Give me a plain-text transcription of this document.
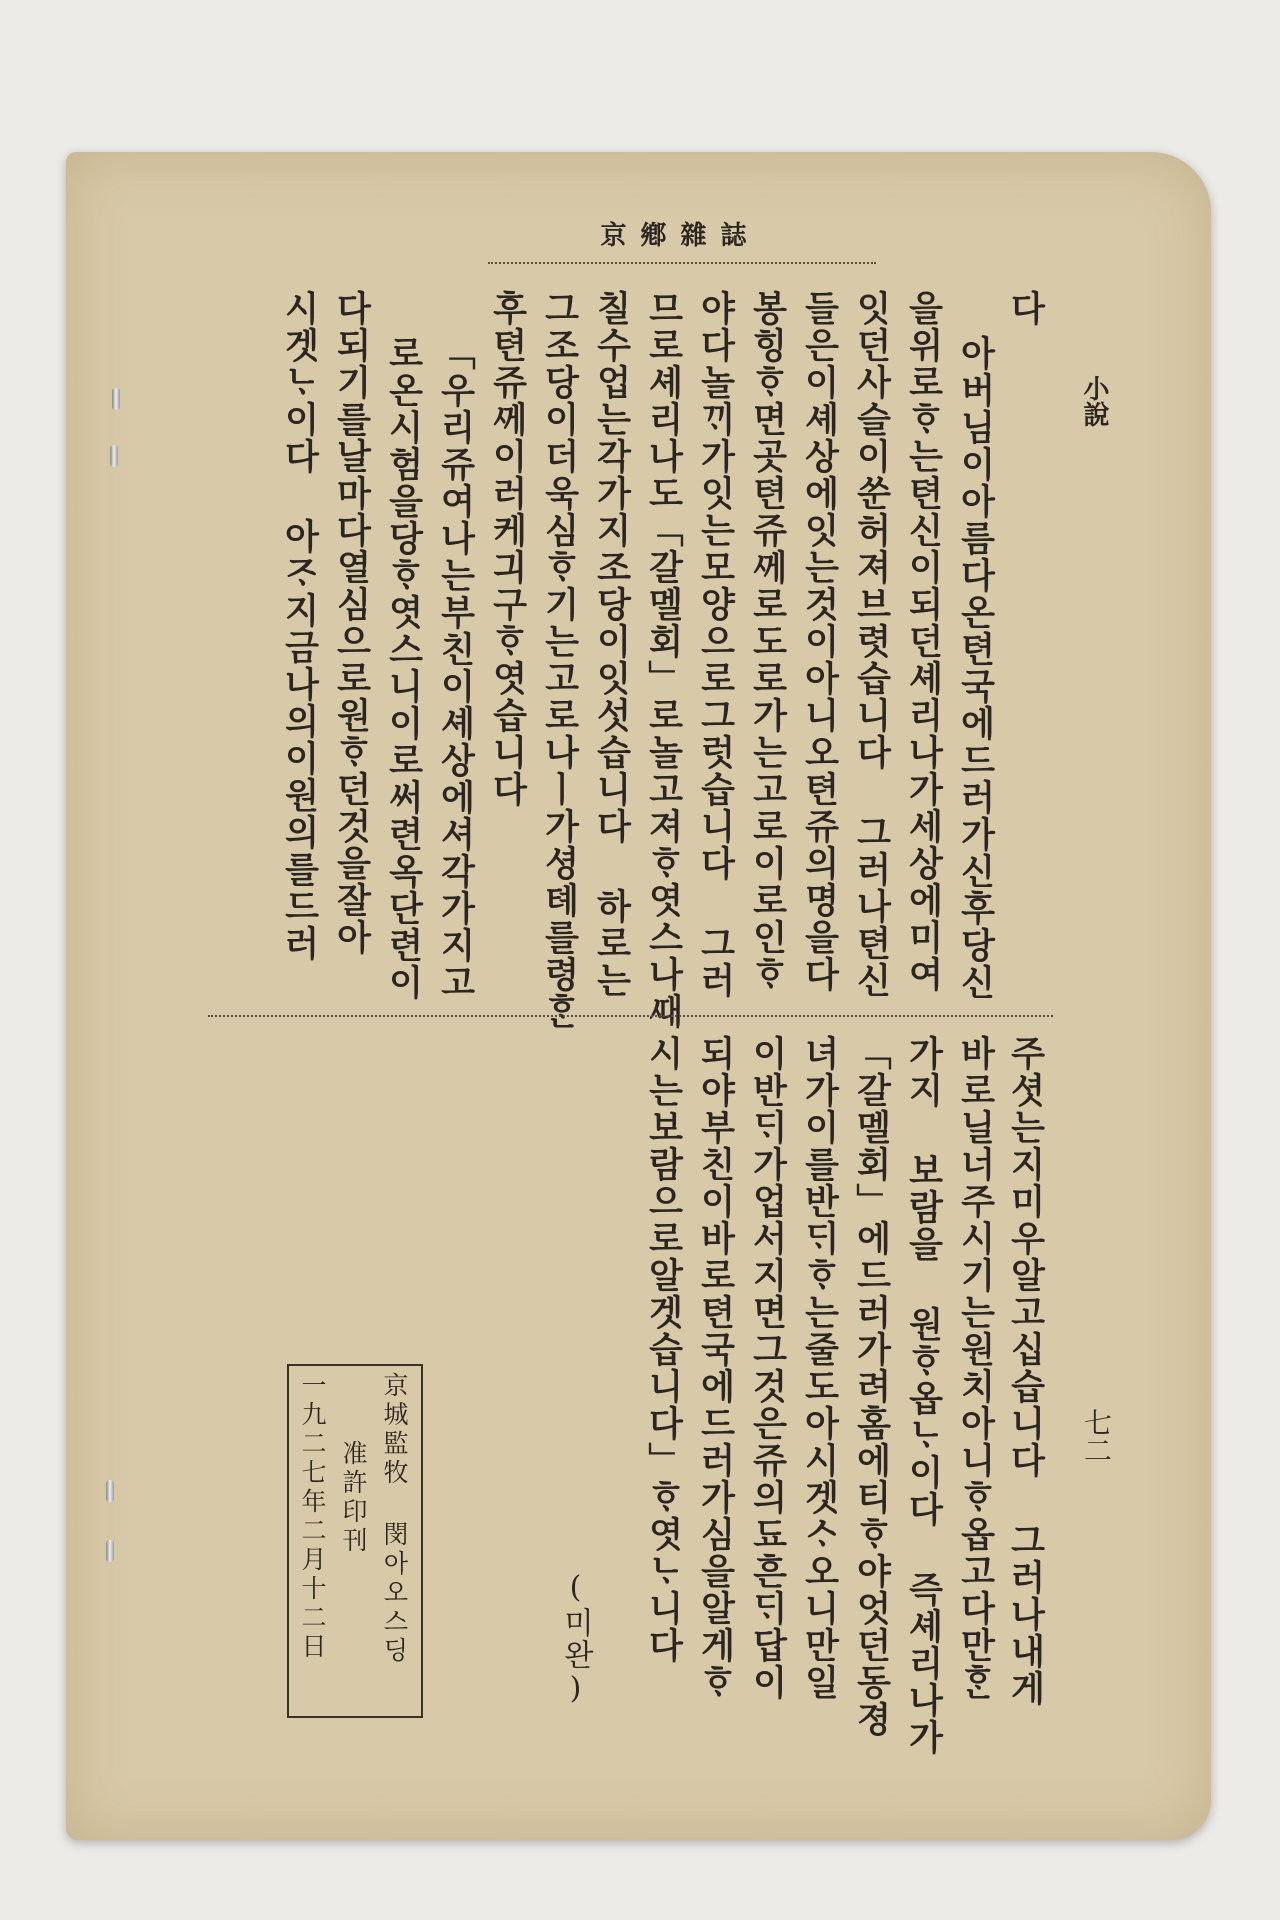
京鄕雜誌

小說

七二

다

아버님이아름다온텬국에드러가신후당신

을위로ᄒᆞ는텬신이되던셰리나가세상에미여

잇던사슬이쑨허져브렷습니다 그러나텬신

들은이셰상에잇는것이아니오텬쥬의명을다

봉힝ᄒᆞ면곳텬쥬ᄭᅦ로도로가는고로이로인ᄒᆞ

야다놀ᄁᆡ가잇는모양으로그럿습니다 그러

므로셰리나도「갈멜회」로놀고져ᄒᆞ엿스나ᄯᅢ

칠수업는각가지조당이잇섯습니다 하로는

그조당이더욱심ᄒᆞ기는고로나ㅣ가셩톄를령ᄒᆞᆫ

후텬쥬ᄭᅦ이러케긔구ᄒᆞ엿습니다

「우리쥬여나는부친이셰상에셔각가지고

로온시험을당ᄒᆞ엿스니이로써련옥단련이

다되기를날마다열심으로원ᄒᆞ던것을잘아

시겟ᄂᆞ이다 아ᄌᆞ지금나의이원의를드러

주셧는지미우알고십습니다 그러나내게

바로닐너주시기는원치아니ᄒᆞ옵고다만ᄒᆞᆫ

가지 보람을 원ᄒᆞ옵ᄂᆞ이다 즉셰리나가

「갈멜회」에드러가려홈에티ᄒᆞ야엇던동졍

녀가이를반ᄃᆡᄒᆞ는줄도아시겟ᄉᆞ오니만일

이반ᄃᆡ가업서지면그것은쥬의됴흔ᄃᆡ답이

되야부친이바로텬국에드러가심을알게ᄒᆞ

시는보람으로알겟습니다」ᄒᆞ엿ᄂᆞ니다

(미완)

京城監牧 閔아오스딩

准許印刊

一九二七年二月十二日
